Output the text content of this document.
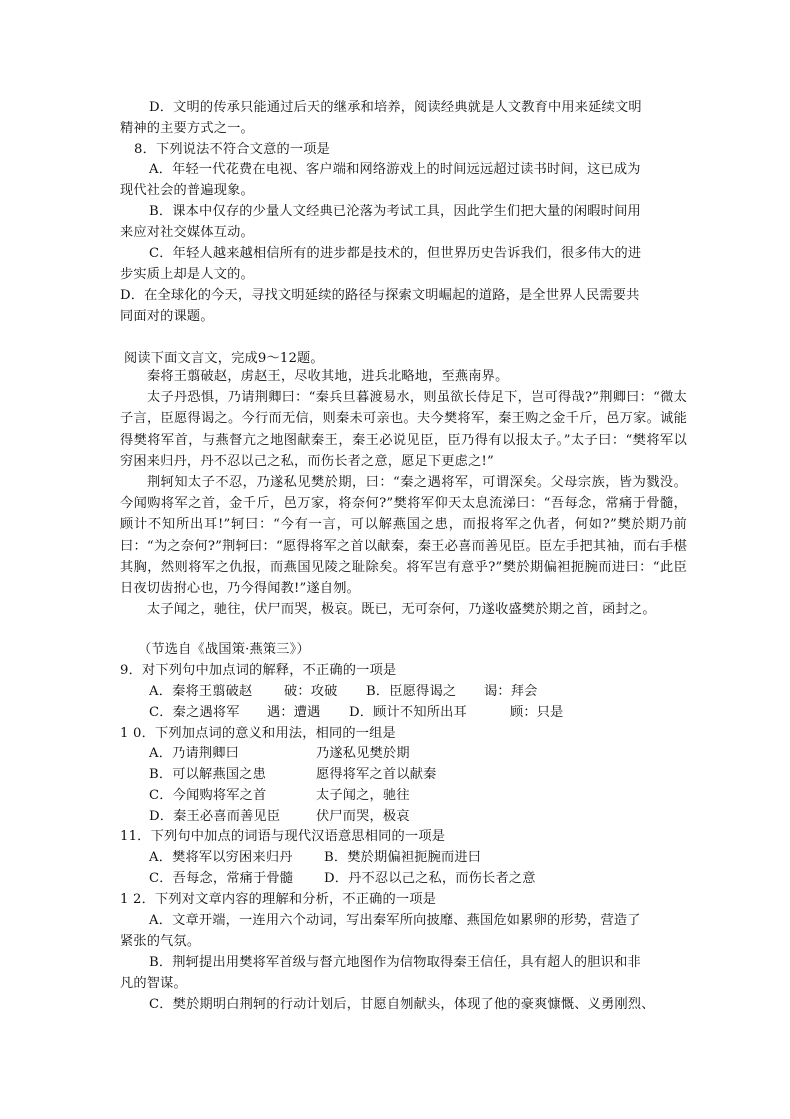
D．文明的传承只能通过后天的继承和培养，阅读经典就是人文教育中用来延续文明
精神的主要方式之一。
8．下列说法不符合文意的一项是
A．年轻一代花费在电视、客户端和网络游戏上的时间远远超过读书时间，这已成为
现代社会的普遍现象。
B．课本中仅存的少量人文经典已沦落为考试工具，因此学生们把大量的闲暇时间用
来应对社交媒体互动。
C．年轻人越来越相信所有的进步都是技术的，但世界历史告诉我们，很多伟大的进
步实质上却是人文的。
D．在全球化的今天，寻找文明延续的路径与探索文明崛起的道路，是全世界人民需要共
同面对的课题。
阅读下面文言文，完成9～12题。

秦将王翦破赵，虏赵王，尽收其地，进兵北略地，至燕南界。

太子丹恐惧，乃请荆卿曰：“秦兵旦暮渡易水，则虽欲长侍足下，岂可得哉?”荆卿曰：“微太子言，臣愿得谒之。今行而无信，则秦未可亲也。夫今樊将军，秦王购之金千斤，邑万家。诚能得樊将军首，与燕督亢之地图献秦王，秦王必说见臣，臣乃得有以报太子。”太子曰：“樊将军以穷困来归丹，丹不忍以己之私，而伤长者之意，愿足下更虑之!”

荆轲知太子不忍，乃遂私见樊於期，曰：“秦之遇将军，可谓深矣。父母宗族，皆为戮没。今闻购将军之首，金千斤，邑万家，将奈何?”樊将军仰天太息流涕曰：“吾每念，常痛于骨髓，顾计不知所出耳!”轲曰：“今有一言，可以解燕国之患，而报将军之仇者，何如?”樊於期乃前曰：“为之奈何?”荆轲曰：“愿得将军之首以献秦，秦王必喜而善见臣。臣左手把其袖，而右手椹其胸，然则将军之仇报，而燕国见陵之耻除矣。将军岂有意乎?”樊於期偏袒扼腕而进曰：“此臣日夜切齿拊心也，乃今得闻教!”遂自刎。

太子闻之，驰往，伏尸而哭，极哀。既已，无可奈何，乃遂收盛樊於期之首，函封之。

（节选自《战国策·燕策三》）
9．对下列句中加点词的解释，不正确的一项是
A．秦将王翦破赵 破：攻破 B．臣愿得谒之 谒：拜会
C．秦之遇将军 遇：遭遇 D．顾计不知所出耳	顾：只是
1 0．下列加点词的意义和用法，相同的一组是
A．乃请荆卿曰	乃遂私见樊於期
B．可以解燕国之患	愿得将军之首以献秦
C．今闻购将军之首	太子闻之，驰往
D．秦王必喜而善见臣	伏尸而哭，极哀
11．下列句中加点的词语与现代汉语意思相同的一项是
A．樊将军以穷困来归丹 B．樊於期偏袒扼腕而进曰
C．吾每念，常痛于骨髓 D．丹不忍以己之私，而伤长者之意
1 2．下列对文章内容的理解和分析，不正确的一项是
A．文章开端，一连用六个动词，写出秦军所向披靡、燕国危如累卵的形势，营造了
紧张的气氛。
B．荆轲提出用樊将军首级与督亢地图作为信物取得秦王信任，具有超人的胆识和非
凡的智谋。
C．樊於期明白荆轲的行动计划后，甘愿自刎献头，体现了他的豪爽慷慨、义勇刚烈、
